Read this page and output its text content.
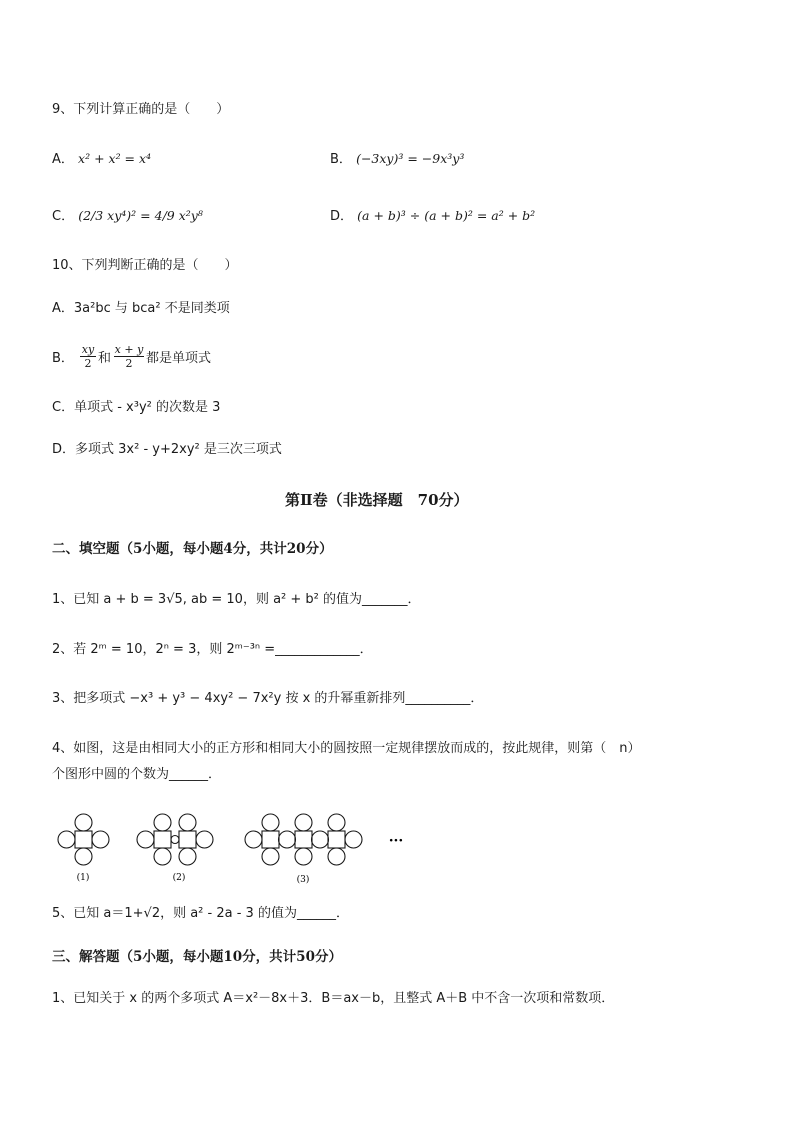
9、下列计算正确的是（　　）
A． x² + x² = x⁴	B． (−3xy)³ = −9x³y³
C． (2/3 xy⁴)² = 4/9 x²y⁸	D． (a + b)³ ÷ (a + b)² = a² + b²
10、下列判断正确的是（　　）
A．3a²bc 与 bca² 不是同类项
B． $\frac{xy}{2}$ 和 $\frac{x + y}{2}$ 都是单项式
C．单项式 - x³y² 的次数是 3
D．多项式 3x² - y+2xy² 是三次三项式
第Ⅱ卷（非选择题　70分）
二、填空题（5小题，每小题4分，共计20分）
1、已知 a + b = 3√5, ab = 10，则 a² + b² 的值为_______．
2、若 2ᵐ = 10，2ⁿ = 3，则 2ᵐ⁻³ⁿ =_____________．
3、把多项式 −x³ + y³ − 4xy² − 7x²y 按 x 的升幂重新排列__________．
4、如图，这是由相同大小的正方形和相同大小的圆按照一定规律摆放而成的，按此规律，则第（　n）
个图形中圆的个数为______．
(1)	(2)	(3)
···
5、已知 a＝1+√2，则 a² - 2a - 3 的值为______．
三、解答题（5小题，每小题10分，共计50分）
1、已知关于 x 的两个多项式 A＝x²－8x＋3．B＝ax－b，且整式 A＋B 中不含一次项和常数项．
